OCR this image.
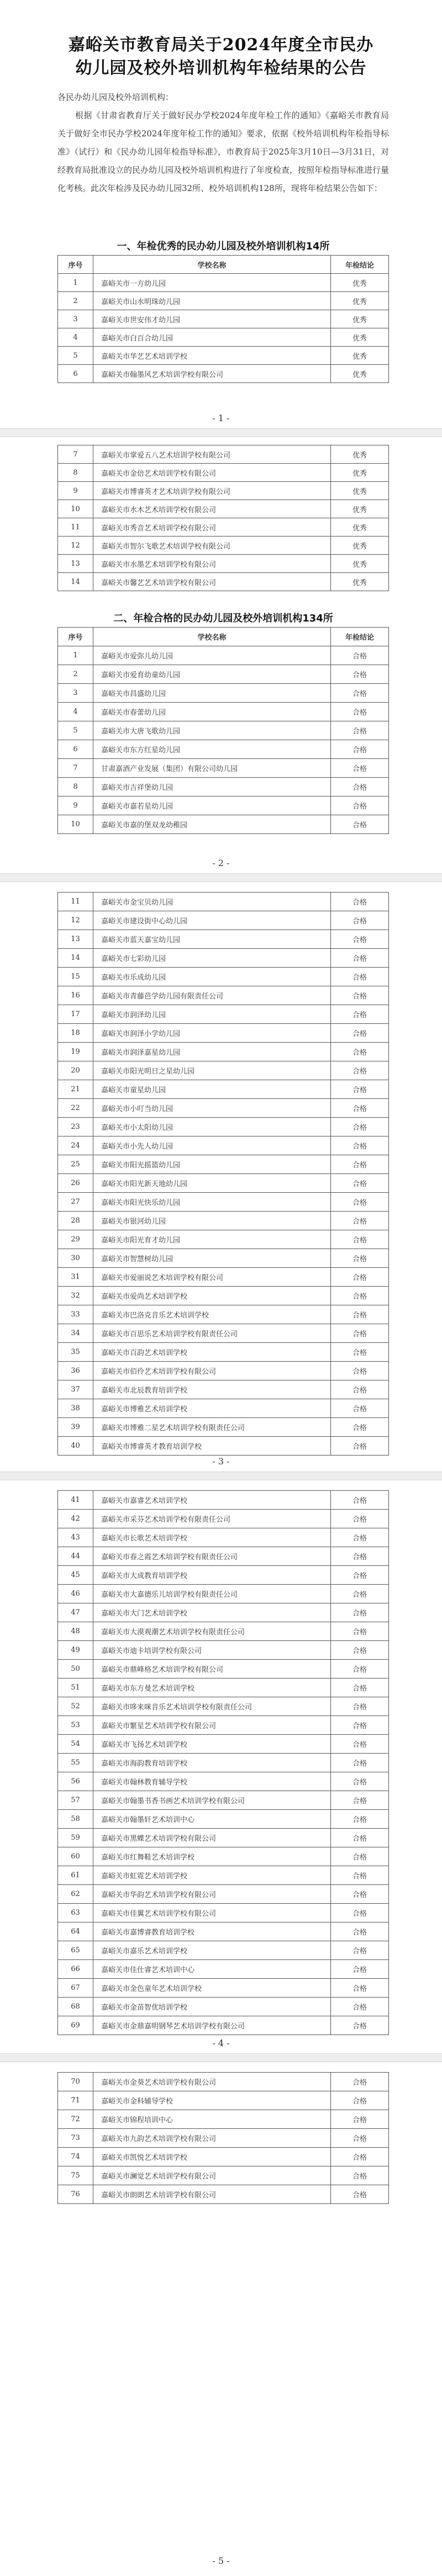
嘉峪关市教育局关于2024年度全市民办
幼儿园及校外培训机构年检结果的公告
各民办幼儿园及校外培训机构：
根据《甘肃省教育厅关于做好民办学校2024年度年检工作的通知》《嘉峪关市教育局关于做好全市民办学校2024年度年检工作的通知》要求，依据《校外培训机构年检指导标准》（试行）和《民办幼儿园年检指导标准》，市教育局于2025年3月10日—3月31日，对经教育局批准设立的民办幼儿园及校外培训机构进行了年度检查，按照年检指导标准进行量化考核。此次年检涉及民办幼儿园32所、校外培训机构128所，现将年检结果公告如下：
一、年检优秀的民办幼儿园及校外培训机构14所
序号	学校名称	年检结论
1	嘉峪关市一方幼儿园	优秀
2	嘉峪关市山水明珠幼儿园	优秀
3	嘉峪关市世安伟才幼儿园	优秀
4	嘉峪关市白百合幼儿园	优秀
5	嘉峪关市华艺艺术培训学校	优秀
6	嘉峪关市翰墨风艺术培训学校有限公司	优秀
- 1 -
7	嘉峪关市掌爱五八艺术培训学校有限公司	优秀
8	嘉峪关市金倍艺术培训学校有限公司	优秀
9	嘉峪关市博睿英才艺术培训学校有限公司	优秀
10	嘉峪关市水木艺术培训学校有限公司	优秀
11	嘉峪关市秀音艺术培训学校有限公司	优秀
12	嘉峪关市智尔飞歌艺术培训学校有限公司	优秀
13	嘉峪关市水墨艺术培训学校有限公司	优秀
14	嘉峪关市馨艺艺术培训学校有限公司	优秀
二、年检合格的民办幼儿园及校外培训机构134所
序号	学校名称	年检结论
1	嘉峪关市爱弥儿幼儿园	合格
2	嘉峪关市爱育幼童幼儿园	合格
3	嘉峪关市昌盛幼儿园	合格
4	嘉峪关市春蕾幼儿园	合格
5	嘉峪关市大唐飞歌幼儿园	合格
6	嘉峪关市东方红星幼儿园	合格
7	甘肃嘉酒产业发展（集团）有限公司幼儿园	合格
8	嘉峪关市吉祥堡幼儿园	合格
9	嘉峪关市嘉若星幼儿园	合格
10	嘉峪关市嘉的堡双龙幼稚园	合格
- 2 -
11	嘉峪关市金宝贝幼儿园	合格
12	嘉峪关市建设街中心幼儿园	合格
13	嘉峪关市蓝天嘉宝幼儿园	合格
14	嘉峪关市七彩幼儿园	合格
15	嘉峪关市乐成幼儿园	合格
16	嘉峪关市青藤芭学幼儿园有限责任公司	合格
17	嘉峪关市润泽幼儿园	合格
18	嘉峪关市润泽小学幼儿园	合格
19	嘉峪关市润泽嘉星幼儿园	合格
20	嘉峪关市阳光明日之星幼儿园	合格
21	嘉峪关市童星幼儿园	合格
22	嘉峪关市小叮当幼儿园	合格
23	嘉峪关市小太阳幼儿园	合格
24	嘉峪关市小先人幼儿园	合格
25	嘉峪关市阳光摇篮幼儿园	合格
26	嘉峪关市阳光新天地幼儿园	合格
27	嘉峪关市阳光快乐幼儿园	合格
28	嘉峪关市银河幼儿园	合格
29	嘉峪关市阳光育才幼儿园	合格
30	嘉峪关市智慧树幼儿园	合格
31	嘉峪关市爱丽说艺术培训学校有限公司	合格
32	嘉峪关市爱尚艺术培训学校	合格
33	嘉峪关市巴洛克音乐艺术培训学校	合格
34	嘉峪关市百思乐艺术培训学校有限责任公司	合格
35	嘉峪关市百韵艺术培训学校	合格
36	嘉峪关市佰伶艺术培训学校有限公司	合格
37	嘉峪关市北辰教育培训学校	合格
38	嘉峪关市博雅艺术培训学校	合格
39	嘉峪关市博雅二星艺术培训学校有限责任公司	合格
40	嘉峪关市博睿英才教育培训学校	合格
- 3 -
41	嘉峪关市嘉睿艺术培训学校	合格
42	嘉峪关市采芬艺术培训学校有限责任公司	合格
43	嘉峪关市长歌艺术培训学校	合格
44	嘉峪关市春之霞艺术培训学校有限责任公司	合格
45	嘉峪关市大成教育培训学校	合格
46	嘉峪关市大嘉德乐儿培训学校有限责任公司	合格
47	嘉峪关市大门艺术培训学校	合格
48	嘉峪关市大漠观潮艺术培训学校有限责任公司	合格
49	嘉峪关市迪卡培训学校有限公司	合格
50	嘉峪关市鼎峰格艺术培训学校有限公司	合格
51	嘉峪关市东方曼艺术培训学校	合格
52	嘉峪关市哆来咪音乐艺术培训学校有限责任公司	合格
53	嘉峪关市繁星艺术培训学校有限公司	合格
54	嘉峪关市飞扬艺术培训学校	合格
55	嘉峪关市海韵教育培训学校	合格
56	嘉峪关市翰林教育辅导学校	合格
57	嘉峪关市翰墨书香书画艺术培训学校有限公司	合格
58	嘉峪关市翰墨轩艺术培训中心	合格
59	嘉峪关市黑蝶艺术培训学校有限公司	合格
60	嘉峪关市红舞鞋艺术培训学校	合格
61	嘉峪关市虹霓艺术培训学校	合格
62	嘉峪关市华韵艺术培训学校有限公司	合格
63	嘉峪关市佳翼艺术培训学校有限公司	合格
64	嘉峪关市嘉博睿教育培训学校	合格
65	嘉峪关市嘉乐艺术培训学校	合格
66	嘉峪关市佳仕睿艺术培训中心	合格
67	嘉峪关市金色童年艺术培训学校	合格
68	嘉峪关市金苗智优培训学校	合格
69	嘉峪关市金鼎嘉明钢琴艺术培训学校有限公司	合格
- 4 -
70	嘉峪关市金葵艺术培训学校有限公司	合格
71	嘉峪关市金科辅导学校	合格
72	嘉峪关市锦程培训中心	合格
73	嘉峪关市九韵艺术培训学校有限公司	合格
74	嘉峪关市凯悦艺术培训学校	合格
75	嘉峪关市澜觉艺术培训学校有限公司	合格
76	嘉峪关市朗朗艺术培训学校有限公司	合格
- 5 -
